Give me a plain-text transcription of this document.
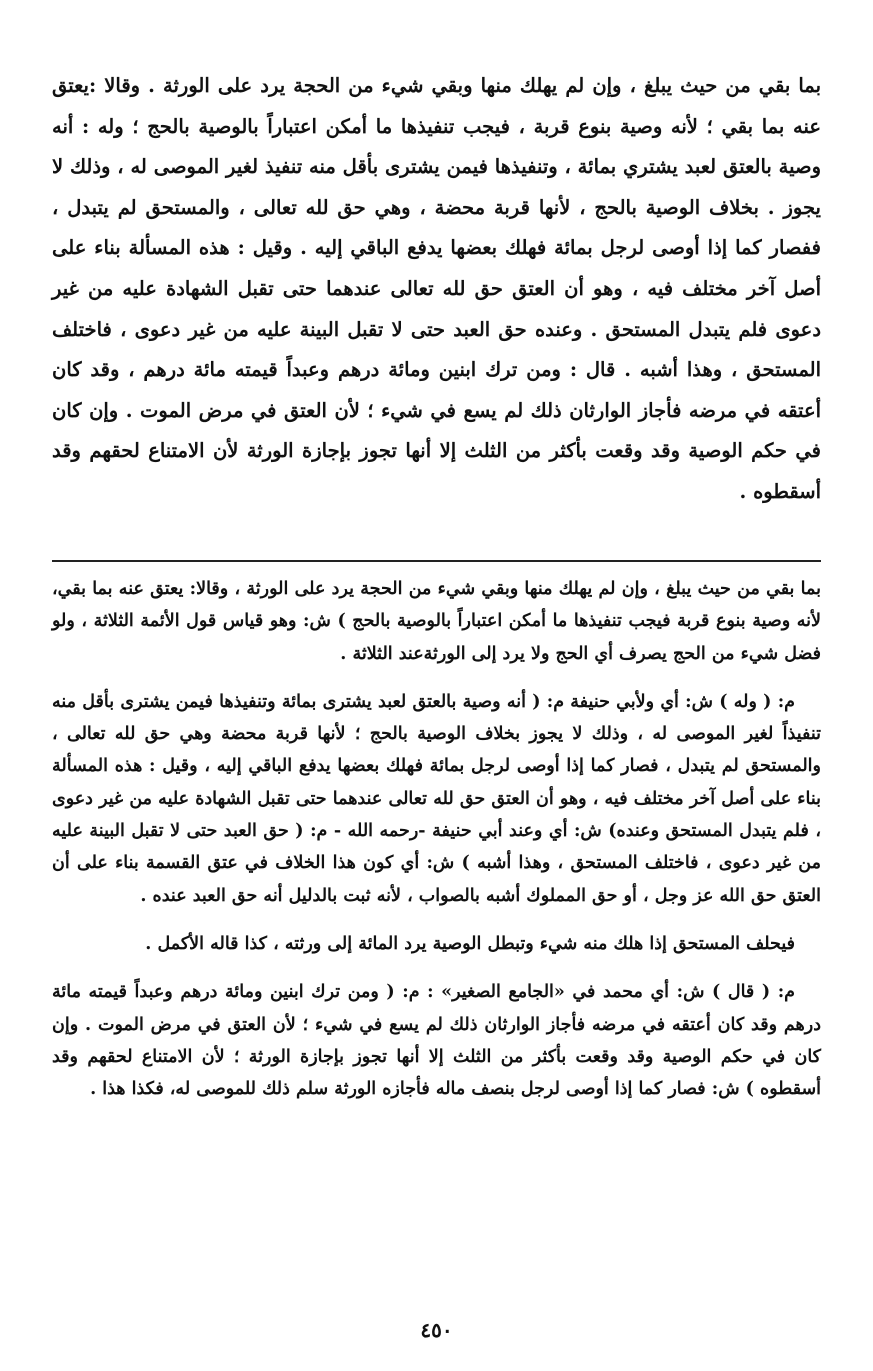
بما بقي من حيث يبلغ ، وإن لم يهلك منها وبقي شيء من الحجة يرد على الورثة . وقالا :يعتق عنه بما بقي ؛ لأنه وصية بنوع قربة ، فيجب تنفيذها ما أمكن اعتباراً بالوصية بالحج ؛ وله : أنه وصية بالعتق لعبد يشتري بمائة ، وتنفيذها فيمن يشترى بأقل منه تنفيذ لغير الموصى له ، وذلك لا يجوز . بخلاف الوصية بالحج ، لأنها قربة محضة ، وهي حق لله تعالى ، والمستحق لم يتبدل ، ففصار كما إذا أوصى لرجل بمائة فهلك بعضها يدفع الباقي إليه . وقيل : هذه المسألة بناء على أصل آخر مختلف فيه ، وهو أن العتق حق لله تعالى عندهما حتى تقبل الشهادة عليه من غير دعوى فلم يتبدل المستحق . وعنده حق العبد حتى لا تقبل البينة عليه من غير دعوى ، فاختلف المستحق ، وهذا أشبه . قال : ومن ترك ابنين ومائة درهم وعبداً قيمته مائة درهم ، وقد كان أعتقه في مرضه فأجاز الوارثان ذلك لم يسع في شيء ؛ لأن العتق في مرض الموت . وإن كان في حكم الوصية وقد وقعت بأكثر من الثلث إلا أنها تجوز بإجازة الورثة لأن الامتناع لحقهم وقد أسقطوه .

بما بقي من حيث يبلغ ، وإن لم يهلك منها وبقي شيء من الحجة يرد على الورثة ، وقالا: يعتق عنه بما بقي، لأنه وصية بنوع قربة فيجب تنفيذها ما أمكن اعتباراً بالوصية بالحج ) ش: وهو قياس قول الأئمة الثلاثة ، ولو فضل شيء من الحج يصرف أي الحج ولا يرد إلى الورثةعند الثلاثة .

م: ( وله ) ش: أي ولأبي حنيفة م: ( أنه وصية بالعتق لعبد يشترى بمائة وتنفيذها فيمن يشترى بأقل منه تنفيذاً لغير الموصى له ، وذلك لا يجوز بخلاف الوصية بالحج ؛ لأنها قربة محضة وهي حق لله تعالى ، والمستحق لم يتبدل ، فصار كما إذا أوصى لرجل بمائة فهلك بعضها يدفع الباقي إليه ، وقيل : هذه المسألة بناء على أصل آخر مختلف فيه ، وهو أن العتق حق لله تعالى عندهما حتى تقبل الشهادة عليه من غير دعوى ، فلم يتبدل المستحق وعنده) ش: أي وعند أبي حنيفة -رحمه الله - م: ( حق العبد حتى لا تقبل البينة عليه من غير دعوى ، فاختلف المستحق ، وهذا أشبه ) ش: أي كون هذا الخلاف في عتق القسمة بناء على أن العتق حق الله عز وجل ، أو حق المملوك أشبه بالصواب ، لأنه ثبت بالدليل أنه حق العبد عنده .

فيحلف المستحق إذا هلك منه شيء وتبطل الوصية يرد المائة إلى ورثته ، كذا قاله الأكمل .

م: ( قال ) ش: أي محمد في «الجامع الصغير» : م: ( ومن ترك ابنين ومائة درهم وعبداً قيمته مائة درهم وقد كان أعتقه في مرضه فأجاز الوارثان ذلك لم يسع في شيء ؛ لأن العتق في مرض الموت . وإن كان في حكم الوصية وقد وقعت بأكثر من الثلث إلا أنها تجوز بإجازة الورثة ؛ لأن الامتناع لحقهم وقد أسقطوه ) ش: فصار كما إذا أوصى لرجل بنصف ماله فأجازه الورثة سلم ذلك للموصى له، فكذا هذا .

٤٥٠
